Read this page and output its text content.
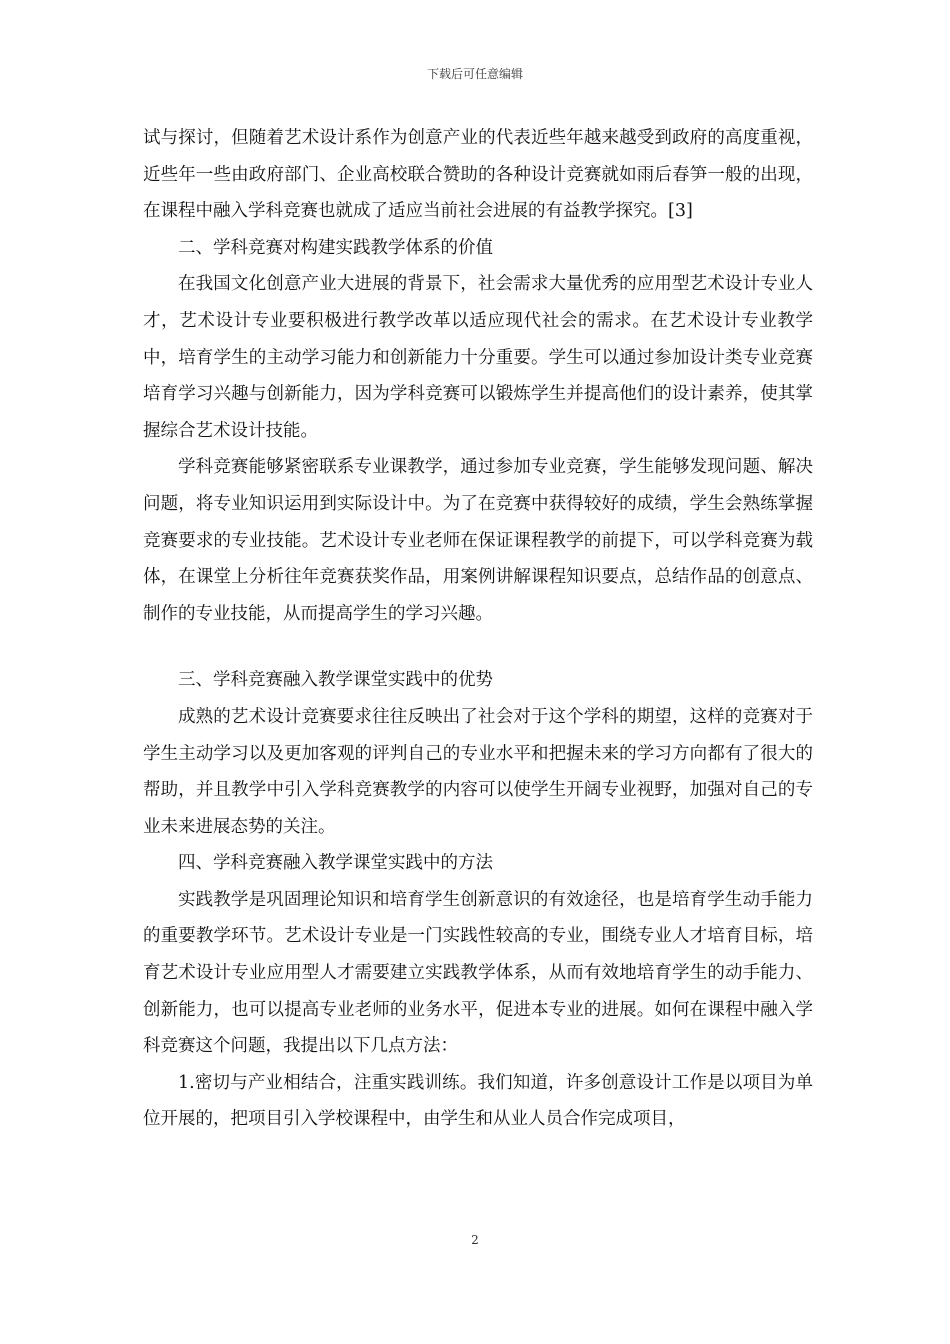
下载后可任意编辑

试与探讨，但随着艺术设计系作为创意产业的代表近些年越来越受到政府的高度重视，近些年一些由政府部门、企业高校联合赞助的各种设计竞赛就如雨后春笋一般的出现，在课程中融入学科竞赛也就成了适应当前社会进展的有益教学探究。[3]

二、学科竞赛对构建实践教学体系的价值

在我国文化创意产业大进展的背景下，社会需求大量优秀的应用型艺术设计专业人才，艺术设计专业要积极进行教学改革以适应现代社会的需求。在艺术设计专业教学中，培育学生的主动学习能力和创新能力十分重要。学生可以通过参加设计类专业竞赛培育学习兴趣与创新能力，因为学科竞赛可以锻炼学生并提高他们的设计素养，使其掌握综合艺术设计技能。

学科竞赛能够紧密联系专业课教学，通过参加专业竞赛，学生能够发现问题、解决问题，将专业知识运用到实际设计中。为了在竞赛中获得较好的成绩，学生会熟练掌握竞赛要求的专业技能。艺术设计专业老师在保证课程教学的前提下，可以学科竞赛为载体，在课堂上分析往年竞赛获奖作品，用案例讲解课程知识要点，总结作品的创意点、制作的专业技能，从而提高学生的学习兴趣。

三、学科竞赛融入教学课堂实践中的优势

成熟的艺术设计竞赛要求往往反映出了社会对于这个学科的期望，这样的竞赛对于学生主动学习以及更加客观的评判自己的专业水平和把握未来的学习方向都有了很大的帮助，并且教学中引入学科竞赛教学的内容可以使学生开阔专业视野，加强对自己的专业未来进展态势的关注。

四、学科竞赛融入教学课堂实践中的方法

实践教学是巩固理论知识和培育学生创新意识的有效途径，也是培育学生动手能力的重要教学环节。艺术设计专业是一门实践性较高的专业，围绕专业人才培育目标，培育艺术设计专业应用型人才需要建立实践教学体系，从而有效地培育学生的动手能力、创新能力，也可以提高专业老师的业务水平，促进本专业的进展。如何在课程中融入学科竞赛这个问题，我提出以下几点方法：

1.密切与产业相结合，注重实践训练。我们知道，许多创意设计工作是以项目为单位开展的，把项目引入学校课程中，由学生和从业人员合作完成项目，

2
